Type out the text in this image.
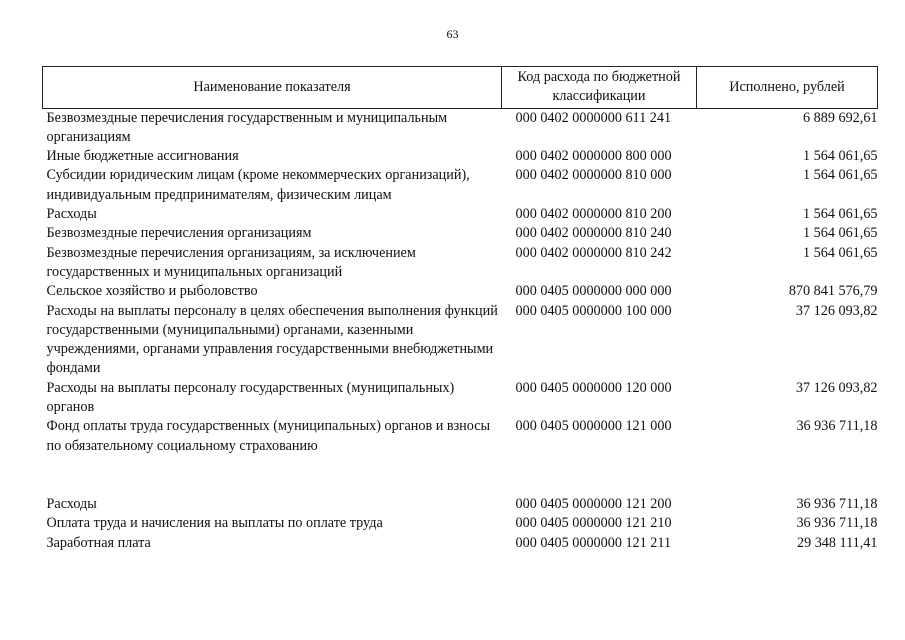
63
Наименование показателя	Код расхода по бюджетной классификации	Исполнено, рублей
Безвозмездные перечисления государственным и муниципальным организациям	000 0402 0000000 611 241	6 889 692,61
Иные бюджетные ассигнования	000 0402 0000000 800 000	1 564 061,65
Субсидии юридическим лицам (кроме некоммерческих организаций), индивидуальным предпринимателям, физическим лицам	000 0402 0000000 810 000	1 564 061,65
Расходы	000 0402 0000000 810 200	1 564 061,65
Безвозмездные перечисления организациям	000 0402 0000000 810 240	1 564 061,65
Безвозмездные перечисления организациям, за исключением государственных и муниципальных организаций	000 0402 0000000 810 242	1 564 061,65
Сельское хозяйство и рыболовство	000 0405 0000000 000 000	870 841 576,79
Расходы на выплаты персоналу в целях обеспечения выполнения функций государственными (муниципальными) органами, казенными учреждениями, органами управления государственными внебюджетными фондами	000 0405 0000000 100 000	37 126 093,82
Расходы на выплаты персоналу государственных (муниципальных) органов	000 0405 0000000 120 000	37 126 093,82
Фонд оплаты труда государственных (муниципальных) органов и взносы по обязательному социальному страхованию	000 0405 0000000 121 000	36 936 711,18

Расходы	000 0405 0000000 121 200	36 936 711,18
Оплата труда и начисления на выплаты по оплате труда	000 0405 0000000 121 210	36 936 711,18
Заработная плата	000 0405 0000000 121 211	29 348 111,41
